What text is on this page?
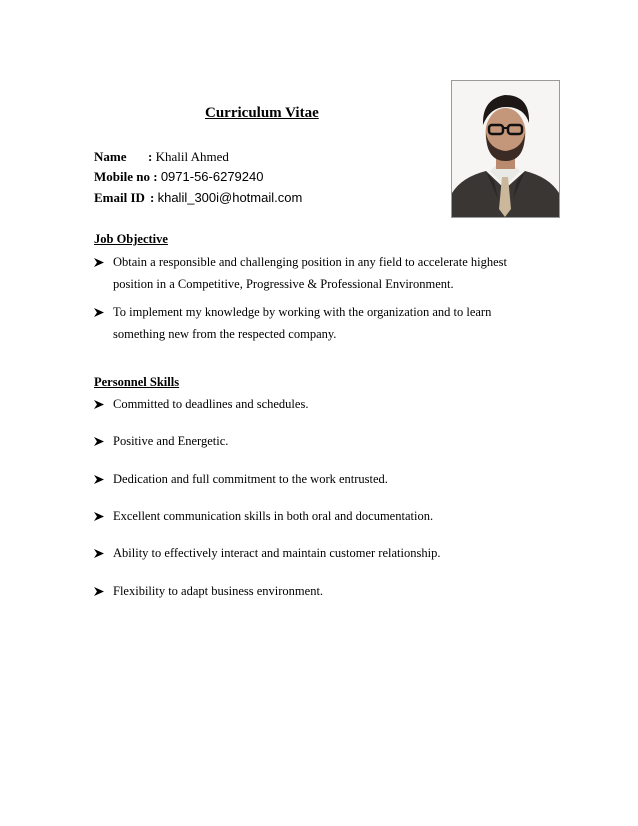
Curriculum Vitae
Name : Khalil Ahmed
Mobile no : 0971-56-6279240
Email ID : khalil_300i@hotmail.com
Job Objective
Obtain a responsible and challenging position in any field to accelerate highest position in a Competitive, Progressive & Professional Environment.
To implement my knowledge by working with the organization and to learn something new from the respected company.
Personnel Skills
Committed to deadlines and schedules.
Positive and Energetic.
Dedication and full commitment to the work entrusted.
Excellent communication skills in both oral and documentation.
Ability to effectively interact and maintain customer relationship.
Flexibility to adapt business environment.
